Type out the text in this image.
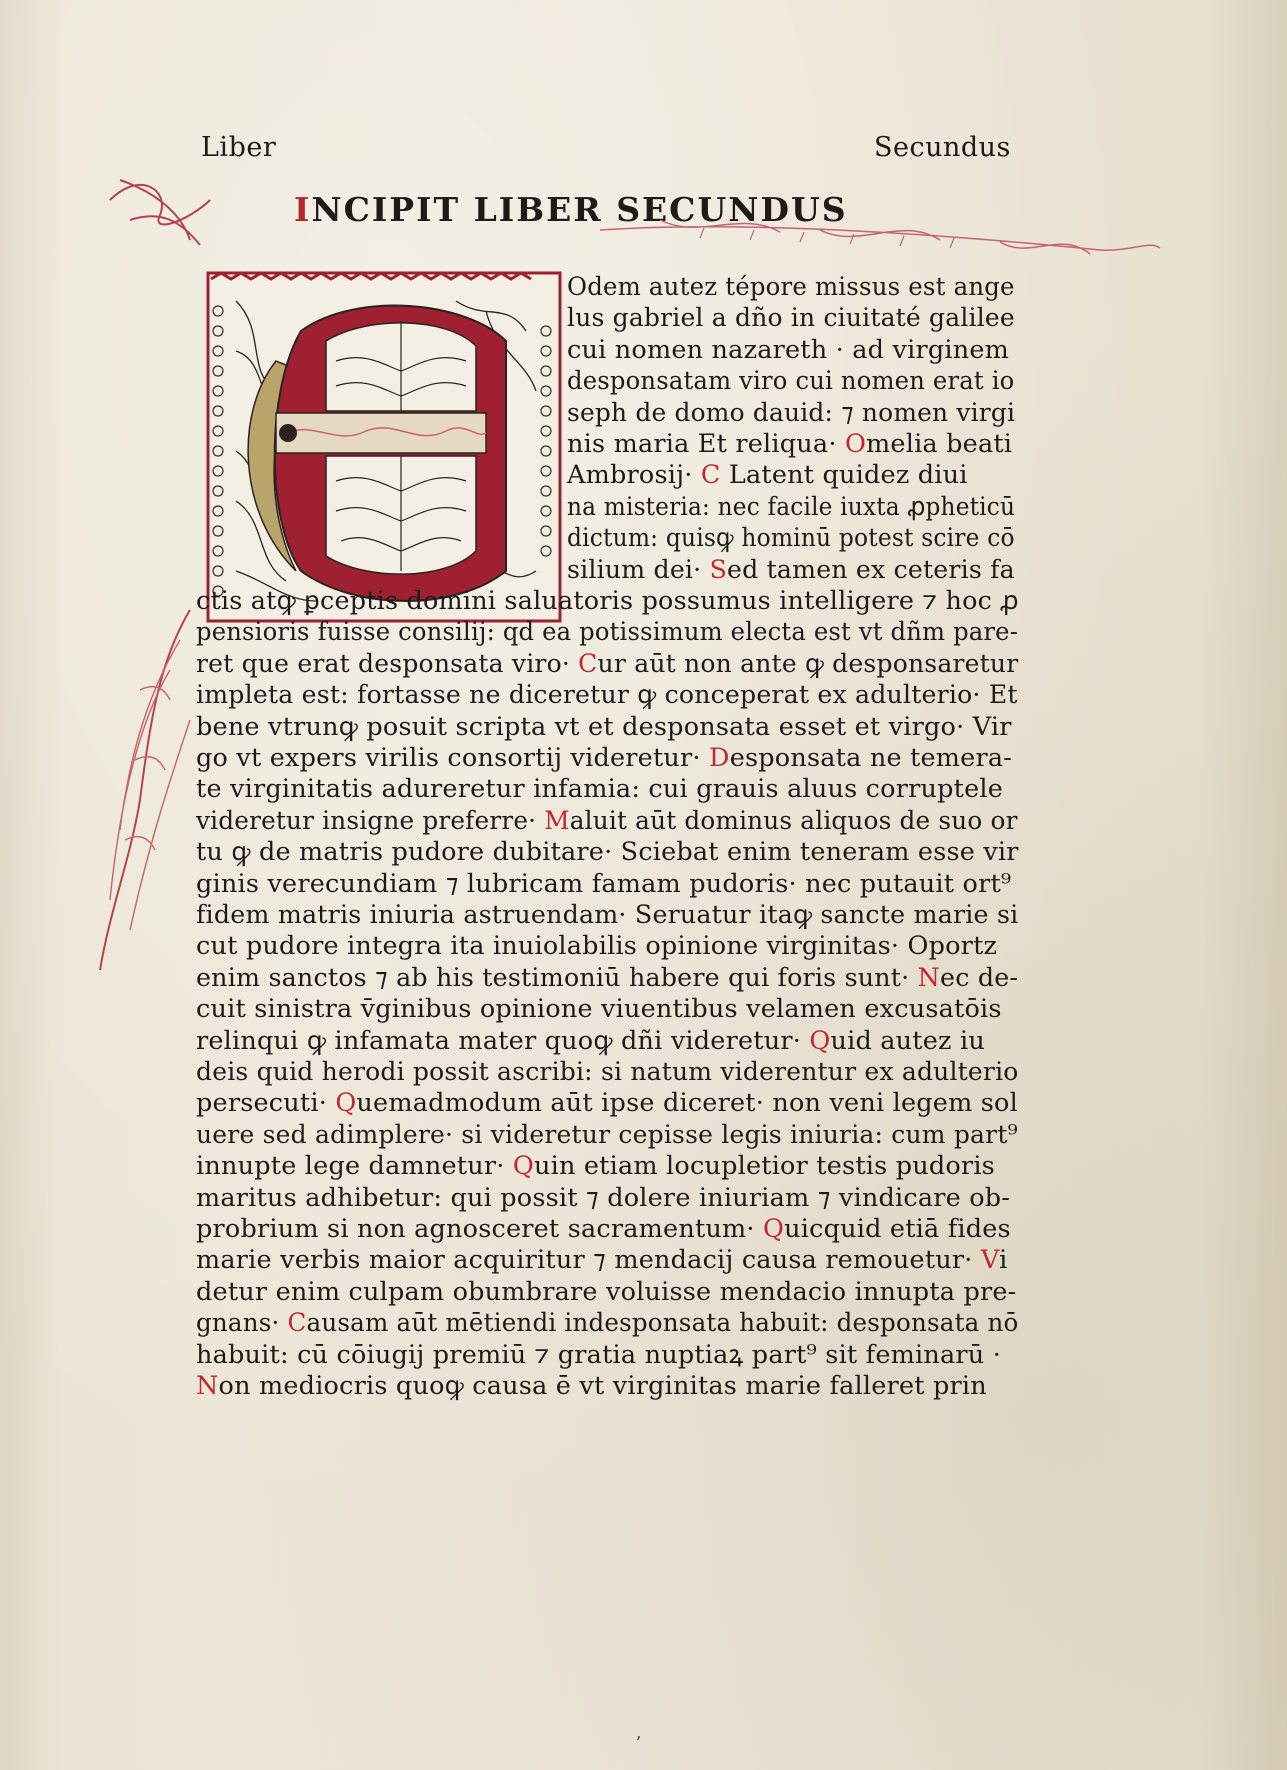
Liber	Secundus
INCIPIT LIBER SECUNDUS
Odem autez tépore missus est ange
lus gabriel a dño in ciuitaté galilee
cui nomen nazareth · ad virginem
desponsatam viro cui nomen erat io
seph de domo dauid: ⁊ nomen virgi
nis maria Et reliqua· Omelia beati
Ambrosij· C Latent quidez diui
na misteria: nec facile iuxta ꝓpheticū
dictum: quisꝙ hominū potest scire cō
silium dei· Sed tamen ex ceteris fa
ctis atꝙ ꝑceptis domini saluatoris possumus intelligere ⁊ hoc ꝓ
pensioris fuisse consilij: qd ea potissimum electa est vt dñm pare-
ret que erat desponsata viro· Cur aūt non ante ꝙ desponsaretur
impleta est: fortasse ne diceretur ꝙ conceperat ex adulterio· Et
bene vtrunꝙ posuit scripta vt et desponsata esset et virgo· Vir
go vt expers virilis consortij videretur· Desponsata ne temera-
te virginitatis adureretur infamia: cui grauis aluus corruptele
videretur insigne preferre· Maluit aūt dominus aliquos de suo or
tu ꝙ de matris pudore dubitare· Sciebat enim teneram esse vir
ginis verecundiam ⁊ lubricam famam pudoris· nec putauit ort⁹
fidem matris iniuria astruendam· Seruatur itaꝙ sancte marie si
cut pudore integra ita inuiolabilis opinione virginitas· Oportz
enim sanctos ⁊ ab his testimoniū habere qui foris sunt· Nec de-
cuit sinistra v̄ginibus opinione viuentibus velamen excusatōis
relinqui ꝙ infamata mater quoꝙ dñi videretur· Quid autez iu
deis quid herodi possit ascribi: si natum viderentur ex adulterio
persecuti· Quemadmodum aūt ipse diceret· non veni legem sol
uere sed adimplere· si videretur cepisse legis iniuria: cum part⁹
innupte lege damnetur· Quin etiam locupletior testis pudoris
maritus adhibetur: qui possit ⁊ dolere iniuriam ⁊ vindicare ob-
probrium si non agnosceret sacramentum· Quicquid etiā fides
marie verbis maior acquiritur ⁊ mendacij causa remouetur· Vi
detur enim culpam obumbrare voluisse mendacio innupta pre-
gnans· Causam aūt mētiendi indesponsata habuit: desponsata nō
habuit: cū cōiugij premiū ⁊ gratia nuptiaꝝ part⁹ sit feminarū ·
Non mediocris quoꝙ causa ē vt virginitas marie falleret prin
ʼ
